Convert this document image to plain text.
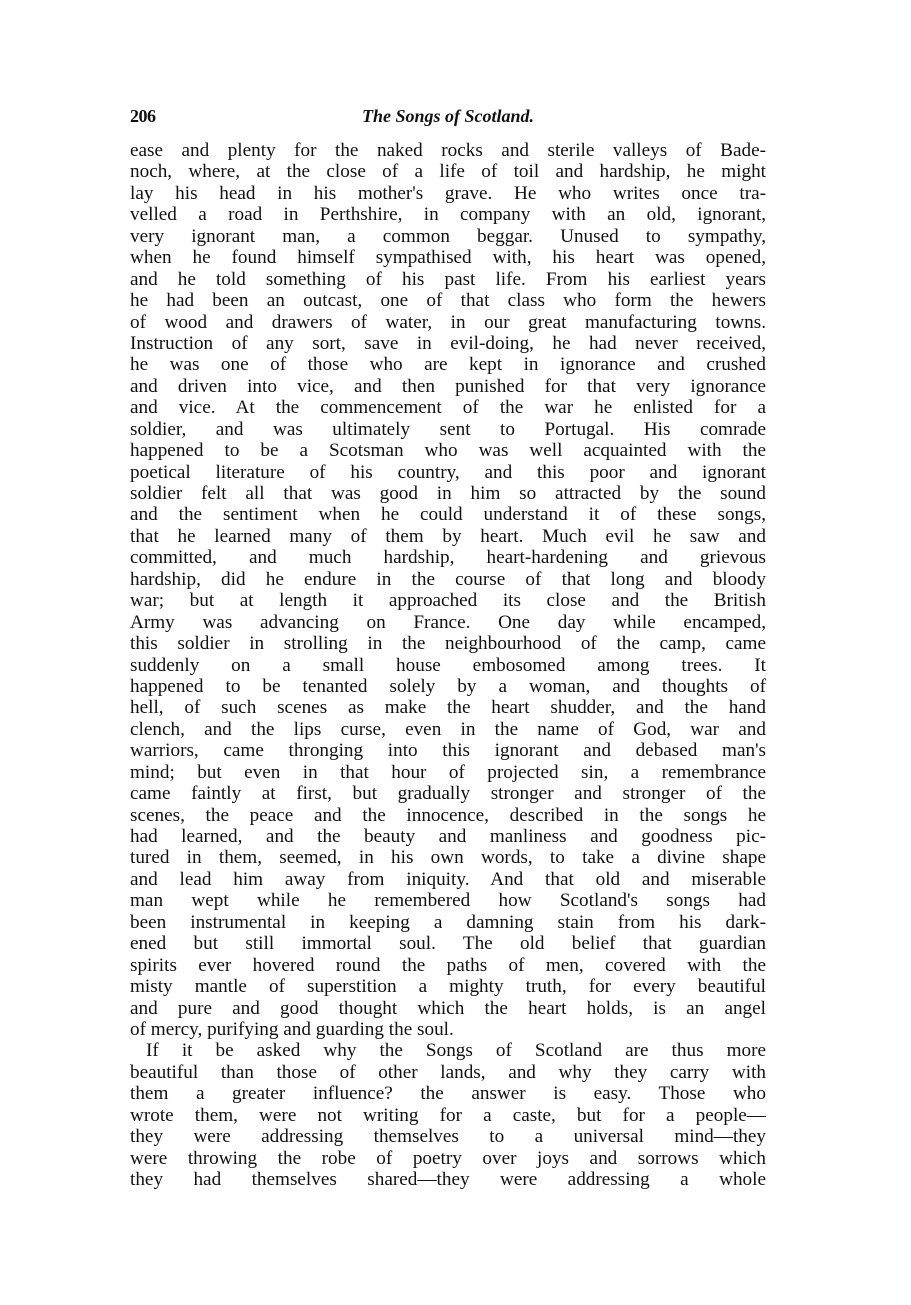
206	The Songs of Scotland.
ease and plenty for the naked rocks and sterile valleys of Bade-
noch, where, at the close of a life of toil and hardship, he might
lay his head in his mother's grave. He who writes once tra-
velled a road in Perthshire, in company with an old, ignorant,
very ignorant man, a common beggar. Unused to sympathy,
when he found himself sympathised with, his heart was opened,
and he told something of his past life. From his earliest years
he had been an outcast, one of that class who form the hewers
of wood and drawers of water, in our great manufacturing towns.
Instruction of any sort, save in evil-doing, he had never received,
he was one of those who are kept in ignorance and crushed
and driven into vice, and then punished for that very ignorance
and vice. At the commencement of the war he enlisted for a
soldier, and was ultimately sent to Portugal. His comrade
happened to be a Scotsman who was well acquainted with the
poetical literature of his country, and this poor and ignorant
soldier felt all that was good in him so attracted by the sound
and the sentiment when he could understand it of these songs,
that he learned many of them by heart. Much evil he saw and
committed, and much hardship, heart-hardening and grievous
hardship, did he endure in the course of that long and bloody
war; but at length it approached its close and the British
Army was advancing on France. One day while encamped,
this soldier in strolling in the neighbourhood of the camp, came
suddenly on a small house embosomed among trees. It
happened to be tenanted solely by a woman, and thoughts of
hell, of such scenes as make the heart shudder, and the hand
clench, and the lips curse, even in the name of God, war and
warriors, came thronging into this ignorant and debased man's
mind; but even in that hour of projected sin, a remembrance
came faintly at first, but gradually stronger and stronger of the
scenes, the peace and the innocence, described in the songs he
had learned, and the beauty and manliness and goodness pic-
tured in them, seemed, in his own words, to take a divine shape
and lead him away from iniquity. And that old and miserable
man wept while he remembered how Scotland's songs had
been instrumental in keeping a damning stain from his dark-
ened but still immortal soul. The old belief that guardian
spirits ever hovered round the paths of men, covered with the
misty mantle of superstition a mighty truth, for every beautiful
and pure and good thought which the heart holds, is an angel
of mercy, purifying and guarding the soul.
If it be asked why the Songs of Scotland are thus more
beautiful than those of other lands, and why they carry with
them a greater influence? the answer is easy. Those who
wrote them, were not writing for a caste, but for a people—
they were addressing themselves to a universal mind—they
were throwing the robe of poetry over joys and sorrows which
they had themselves shared—they were addressing a whole
